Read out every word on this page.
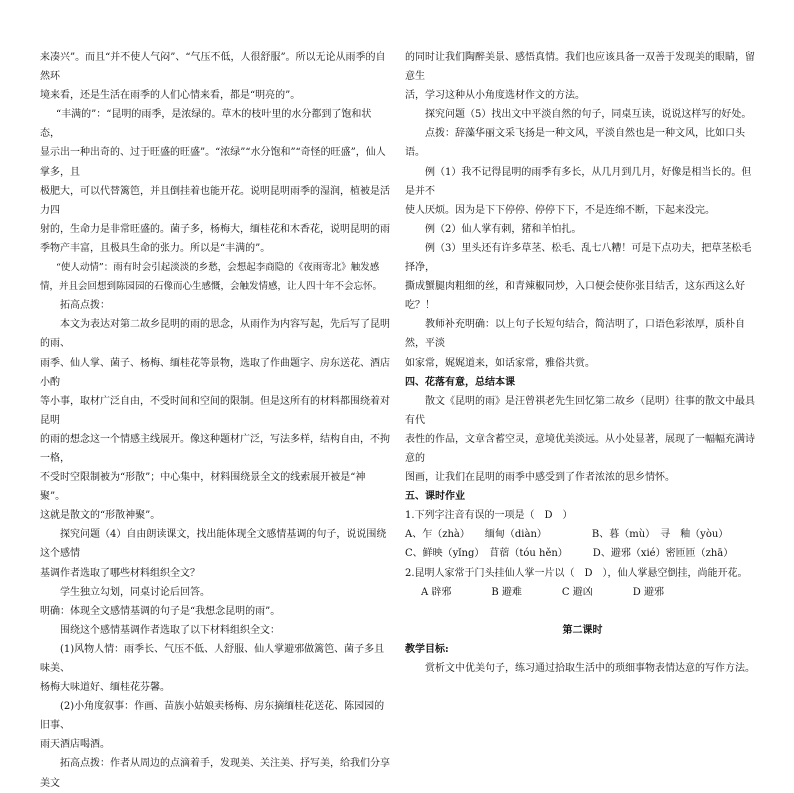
来凑兴”。而且“并不使人气闷”、“气压不低，人很舒服”。所以无论从雨季的自然环

境来看，还是生活在雨季的人们心情来看，都是“明亮的”。

“丰满的”：“昆明的雨季，是浓绿的。草木的枝叶里的水分都到了饱和状态，

显示出一种出奇的、过于旺盛的旺盛”。“浓绿”“水分饱和”“奇怪的旺盛”，仙人掌多，且

极肥大，可以代替篱笆，并且倒挂着也能开花。说明昆明雨季的湿润，植被是活力四

射的，生命力是非常旺盛的。菌子多，杨梅大，缅桂花和木香花，说明昆明的雨

季物产丰富，且极具生命的张力。所以是“丰满的”。

“使人动情”：雨有时会引起淡淡的乡愁，会想起李商隐的《夜雨寄北》触发感

情，并且会回想到陈园园的石像而心生感慨，会触发情感，让人四十年不会忘怀。

拓高点拨：

本文为表达对第二故乡昆明的雨的思念，从雨作为内容写起，先后写了昆明的雨、

雨季、仙人掌、菌子、杨梅、缅桂花等景物，选取了作曲题字、房东送花、酒店小酌

等小事，取材广泛自由，不受时间和空间的限制。但是这所有的材料都围绕着对昆明

的雨的想念这一个情感主线展开。像这种题材广泛，写法多样，结构自由，不拘一格，

不受时空限制被为“形散”；中心集中，材料围绕景全文的线索展开被是“神聚”。

这就是散文的“形散神聚”。

探究问题（4）自由朗读课文，找出能体现全文感情基调的句子，说说围绕这个感情

基调作者选取了哪些材料组织全文？

学生独立勾划，同桌讨论后回答。

明确：体现全文感情基调的句子是“我想念昆明的雨”。

围绕这个感情基调作者选取了以下材料组织全文：

(1)风物人情：雨季长、气压不低、人舒服、仙人掌避邪做篱笆、菌子多且味美、

杨梅大味道好、缅桂花芬馨。

(2)小角度叙事：作画、苗族小姑娘卖杨梅、房东摘缅桂花送花、陈园园的旧事、

雨天酒店喝酒。

拓高点拨：作者从周边的点滴着手，发现美、关注美、抒写美，给我们分享美文

的同时让我们陶醉美景、感悟真情。我们也应该具备一双善于发现美的眼睛，留意生

活，学习这种从小角度选材作文的方法。

探究问题（5）找出文中平淡自然的句子，同桌互读，说说这样写的好处。

点拨：辞藻华丽文采飞扬是一种文风，平淡自然也是一种文风，比如口头语。

例（1）我不记得昆明的雨季有多长，从几月到几月，好像是相当长的。但是并不

使人厌烦。因为是下下停停、停停下下，不是连绵不断，下起来没完。

例（2）仙人掌有刺，猪和羊怕扎。

例（3）里头还有许多草茎、松毛、乱七八糟！可是下点功夫，把草茎松毛择净，

撕成蟹腿肉粗细的丝，和青辣椒同炒，入口便会使你张目结舌，这东西这么好吃？！

教师补充明确：以上句子长短句结合，简洁明了，口语色彩浓厚，质朴自然，平淡

如家常，娓娓道来，如话家常，雅俗共赏。

四、花落有意，总结本课

散文《昆明的雨》是汪曾祺老先生回忆第二故乡（昆明）往事的散文中最具有代

表性的作品，文章含蓄空灵，意境优美淡远。从小处显著，展现了一幅幅充满诗意的

图画，让我们在昆明的雨季中感受到了作者浓浓的思乡情怀。

五、课时作业

1.下列字注音有误的一项是（　D　）

A、乍（zhà）　　缅甸（diàn）　　　　　B、暮（mù）　寻　釉（yòu）

C、鲜映（yǐng）　苜蓿（tóu hěn）　　　D、避邪（xié）密匝匝（zhā）

2.昆明人家常于门头挂仙人掌一片以（　D　），仙人掌悬空倒挂，尚能开花。

A 辟邪　　　　B 避难　　　　C 避凶　　　　D 避邪

第二课时

教学目标:

赏析文中优美句子，练习通过拾取生活中的琐细事物表情达意的写作方法。
